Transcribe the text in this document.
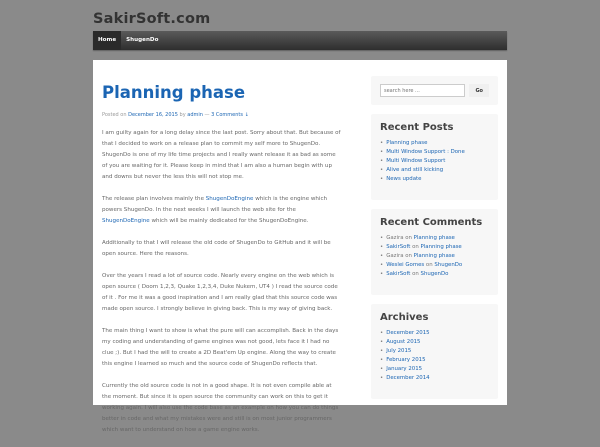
SakirSoft.com
Home	ShugenDo
Planning phase
Posted on December 16, 2015 by admin — 3 Comments ↓

I am guilty again for a long delay since the last post. Sorry about that. But because of
that I decided to work on a release plan to commit my self more to ShugenDo.
ShugenDo is one of my life time projects and I really want release it as bad as some
of you are waiting for it. Please keep in mind that I am also a human begin with up
and downs but never the less this will not stop me.

The release plan involves mainly the ShugenDoEngine which is the engine which
powers ShugenDo. In the next weeks I will launch the web site for the
ShugenDoEngine which will be mainly dedicated for the ShugenDoEngine.

Additionally to that I will release the old code of ShugenDo to GitHub and it will be
open source. Here the reasons.

Over the years I read a lot of source code. Nearly every engine on the web which is
open source ( Doom 1,2,3, Quake 1,2,3,4, Duke Nukem, UT4 ) I read the source code
of it . For me it was a good inspiration and I am really glad that this source code was
made open source. I strongly believe in giving back. This is my way of giving back.

The main thing I want to show is what the pure will can accomplish. Back in the days
my coding and understanding of game engines was not good, lets face it I had no
clue ;). But I had the will to create a 2D Beat'em Up engine. Along the way to create
this engine I learned so much and the source code of ShugenDo reflects that.

Currently the old source code is not in a good shape. It is not even compile able at
the moment. But since it is open source the community can work on this to get it
working again. I will also use the code base as an example on how you can do things
better in code and what my mistakes were and still is on most junior programmers
which want to understand on how a game engine works.

search here ...
Go
Recent Posts
• Planning phase
• Multi Window Support : Done
• Multi Window Support
• Alive and still kicking
• News update
Recent Comments
• Gazira on Planning phase
• SakirSoft on Planning phase
• Gazira on Planning phase
• Weslei Gomes on ShugenDo
• SakirSoft on ShugenDo
Archives
• December 2015
• August 2015
• July 2015
• February 2015
• January 2015
• December 2014
